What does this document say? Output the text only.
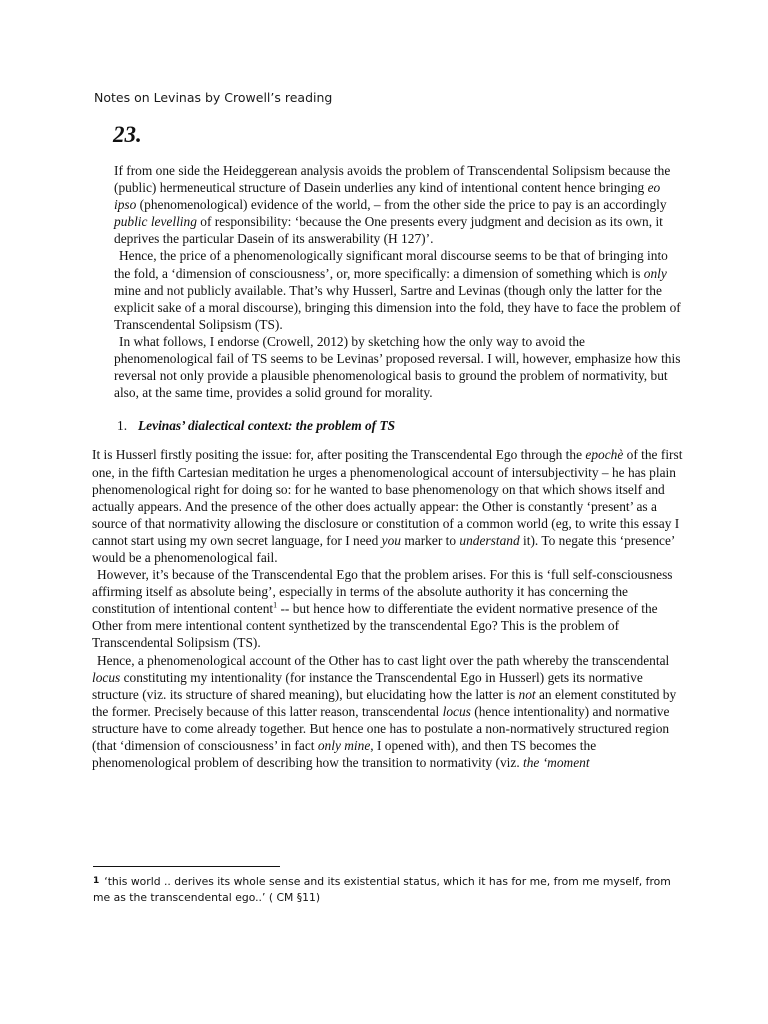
Notes on Levinas by Crowell’s reading
23.

If from one side the Heideggerean analysis avoids the problem of Transcendental Solipsism because the (public) hermeneutical structure of Dasein underlies any kind of intentional content hence bringing eo ipso (phenomenological) evidence of the world, – from the other side the price to pay is an accordingly public levelling of responsibility: ‘because the One presents every judgment and decision as its own, it deprives the particular Dasein of its answerability (H 127)’.

Hence, the price of a phenomenologically significant moral discourse seems to be that of bringing into the fold, a ‘dimension of consciousness’, or, more specifically: a dimension of something which is only mine and not publicly available. That’s why Husserl, Sartre and Levinas (though only the latter for the explicit sake of a moral discourse), bringing this dimension into the fold, they have to face the problem of Transcendental Solipsism (TS).

In what follows, I endorse (Crowell, 2012) by sketching how the only way to avoid the phenomenological fail of TS seems to be Levinas’ proposed reversal. I will, however, emphasize how this reversal not only provide a plausible phenomenological basis to ground the problem of normativity, but also, at the same time, provides a solid ground for morality.

1. Levinas’ dialectical context: the problem of TS

It is Husserl firstly positing the issue: for, after positing the Transcendental Ego through the epochè of the first one, in the fifth Cartesian meditation he urges a phenomenological account of intersubjectivity – he has plain phenomenological right for doing so: for he wanted to base phenomenology on that which shows itself and actually appears. And the presence of the other does actually appear: the Other is constantly ‘present’ as a source of that normativity allowing the disclosure or constitution of a common world (eg, to write this essay I cannot start using my own secret language, for I need you marker to understand it). To negate this ‘presence’ would be a phenomenological fail.

However, it’s because of the Transcendental Ego that the problem arises. For this is ‘full self-consciousness affirming itself as absolute being’, especially in terms of the absolute authority it has concerning the constitution of intentional content$^1$ -- but hence how to differentiate the evident normative presence of the Other from mere intentional content synthetized by the transcendental Ego? This is the problem of Transcendental Solipsism (TS).

Hence, a phenomenological account of the Other has to cast light over the path whereby the transcendental locus constituting my intentionality (for instance the Transcendental Ego in Husserl) gets its normative structure (viz. its structure of shared meaning), but elucidating how the latter is not an element constituted by the former. Precisely because of this latter reason, transcendental locus (hence intentionality) and normative structure have to come already together. But hence one has to postulate a non-normatively structured region (that ‘dimension of consciousness’ in fact only mine, I opened with), and then TS becomes the phenomenological problem of describing how the transition to normativity (viz. the ‘moment

1 ‘this world .. derives its whole sense and its existential status, which it has for me, from me myself, from me as the transcendental ego..’ ( CM §11)
